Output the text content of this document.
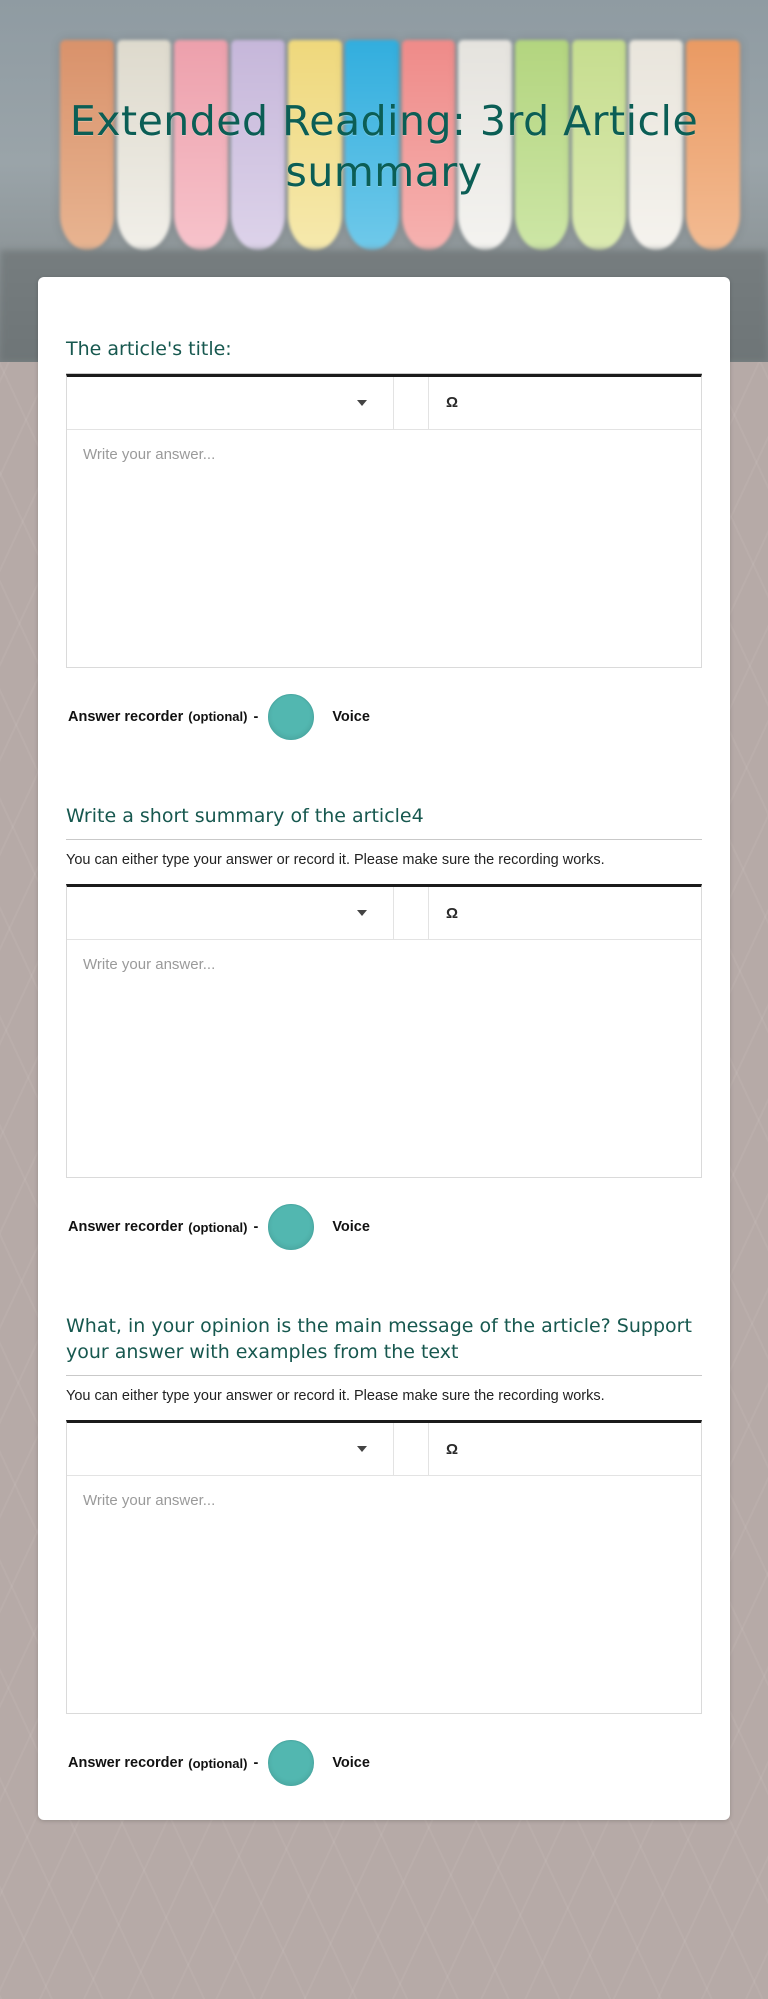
Extended Reading: 3rd Article summary
The article's title:
Ω
Write your answer...
Answer recorder (optional) -	Voice
Write a short summary of the article4
You can either type your answer or record it. Please make sure the recording works.
Ω
Write your answer...
Answer recorder (optional) -	Voice
What, in your opinion is the main message of the article? Support your answer with examples from the text
You can either type your answer or record it. Please make sure the recording works.
Ω
Write your answer...
Answer recorder (optional) -	Voice
